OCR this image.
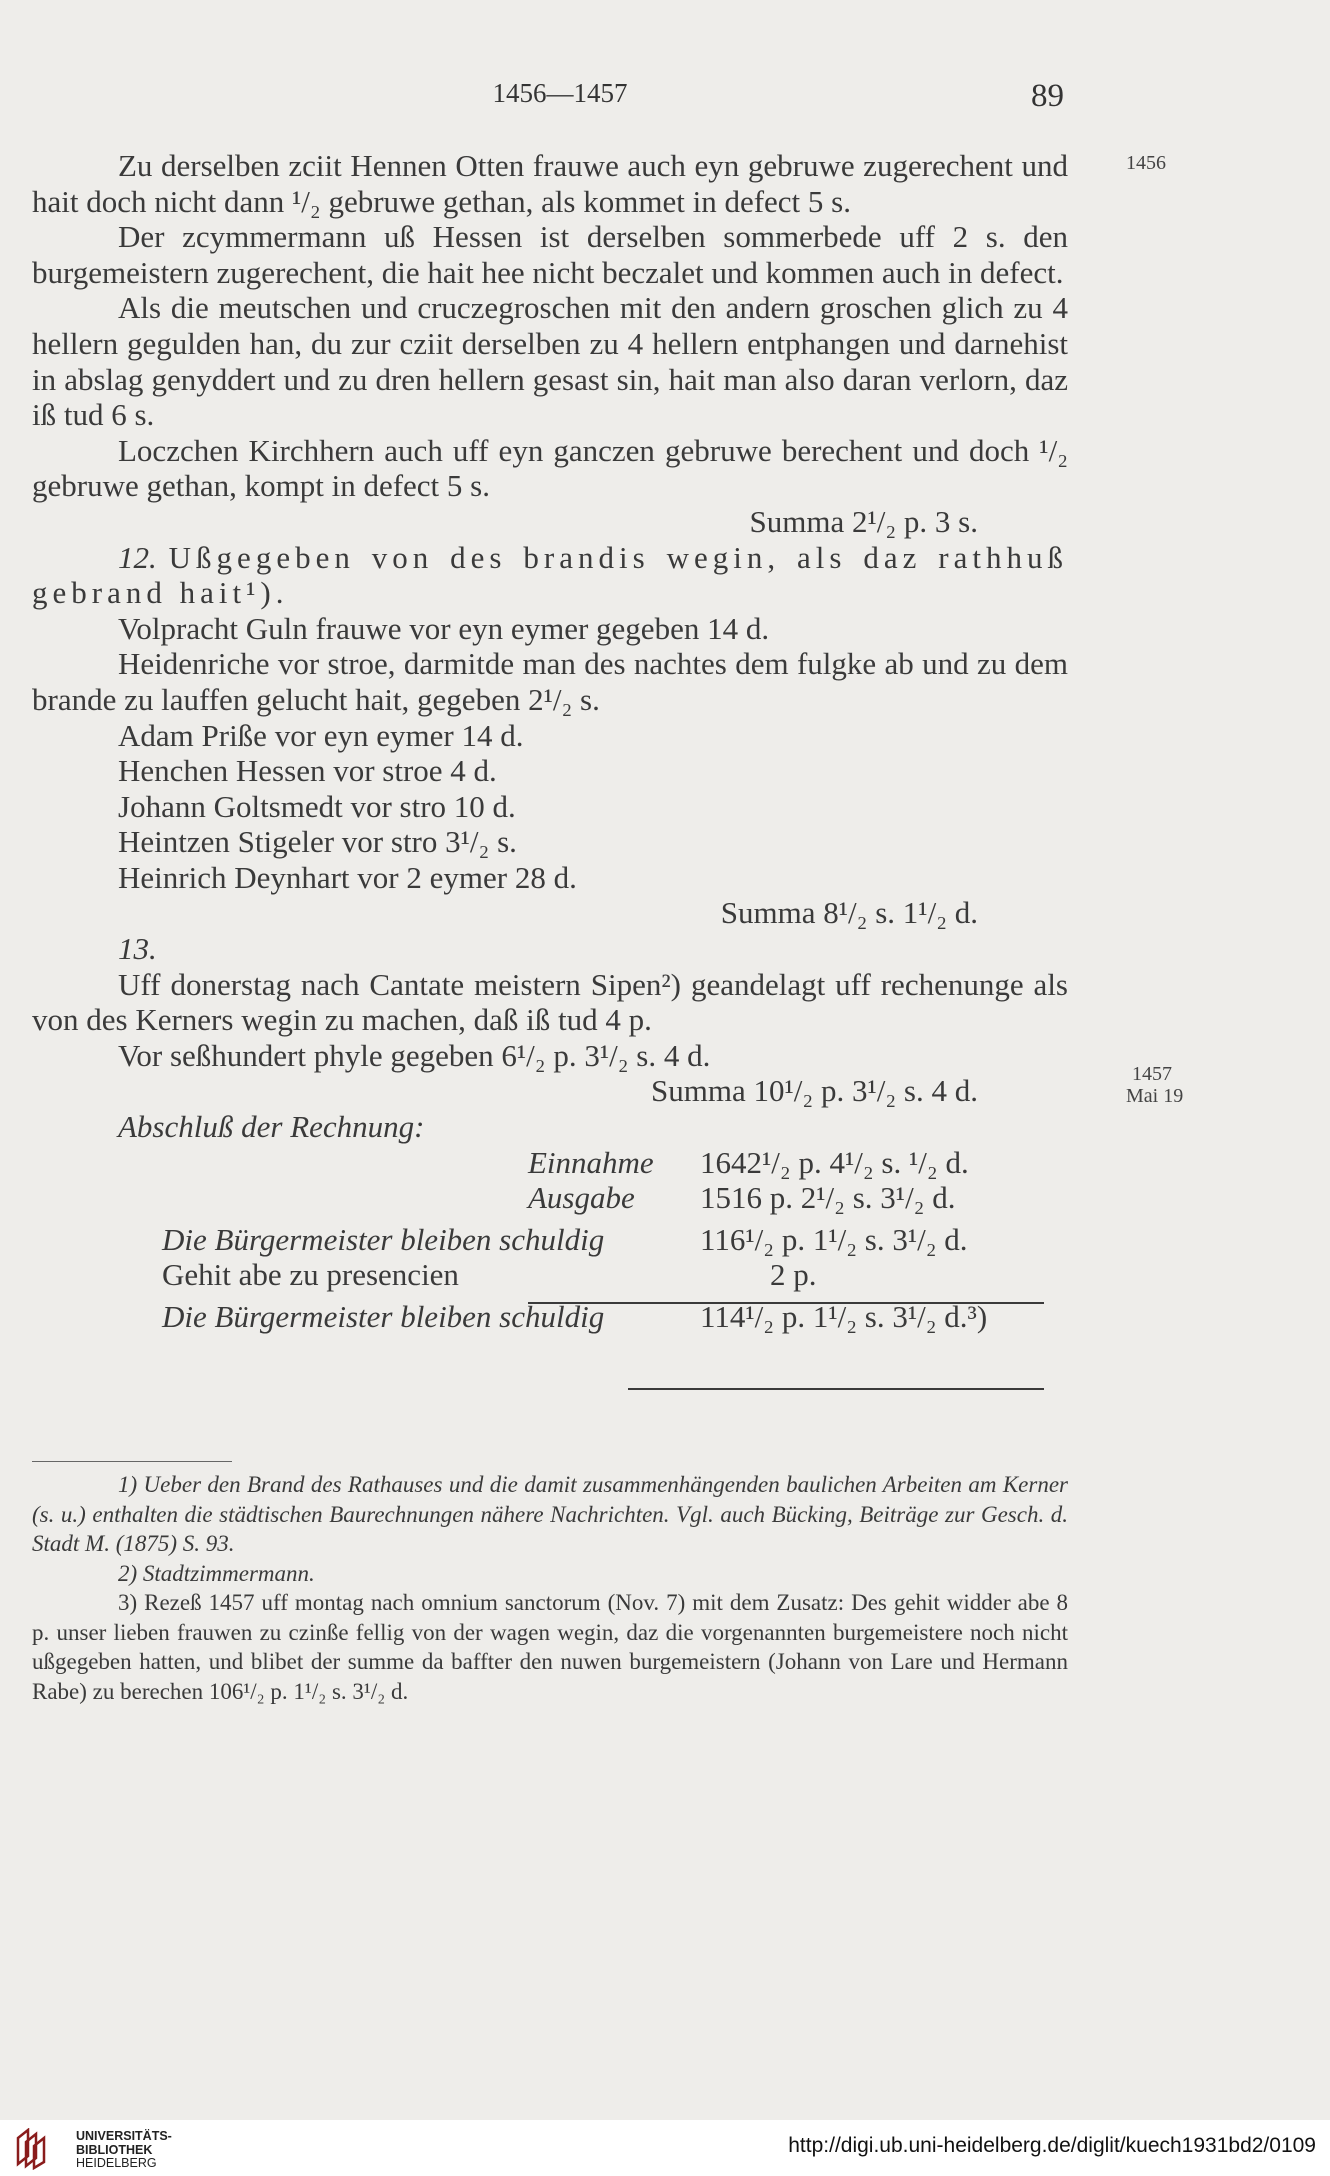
1456—1457	89
1456
1457
Mai 19

Zu derselben zciit Hennen Otten frauwe auch eyn gebruwe zugerechent und hait doch nicht dann ¹/₂ gebruwe gethan, als kommet in defect 5 s.

Der zcymmermann uß Hessen ist derselben sommerbede uff 2 s. den burgemeistern zugerechent, die hait hee nicht beczalet und kommen auch in defect.

Als die meutschen und cruczegroschen mit den andern groschen glich zu 4 hellern gegulden han, du zur cziit derselben zu 4 hellern entphangen und darnehist in abslag genyddert und zu dren hellern gesast sin, hait man also daran verlorn, daz iß tud 6 s.

Loczchen Kirchhern auch uff eyn ganczen gebruwe berechent und doch ¹/₂ gebruwe gethan, kompt in defect 5 s.

Summa 2¹/₂ p. 3 s.

12. Ußgegeben von des brandis wegin, als daz rathhuß gebrand hait¹).

Volpracht Guln frauwe vor eyn eymer gegeben 14 d.

Heidenriche vor stroe, darmitde man des nachtes dem fulgke ab und zu dem brande zu lauffen gelucht hait, gegeben 2¹/₂ s.

Adam Priße vor eyn eymer 14 d.
Henchen Hessen vor stroe 4 d.
Johann Goltsmedt vor stro 10 d.
Heintzen Stigeler vor stro 3¹/₂ s.
Heinrich Deynhart vor 2 eymer 28 d.
Summa 8¹/₂ s. 1¹/₂ d.
13.

Uff donerstag nach Cantate meistern Sipen²) geandelagt uff rechenunge als von des Kerners wegin zu machen, daß iß tud 4 p.

Vor seßhundert phyle gegeben 6¹/₂ p. 3¹/₂ s. 4 d.
Summa 10¹/₂ p. 3¹/₂ s. 4 d.
Abschluß der Rechnung:
Einnahme	1642¹/₂ p. 4¹/₂ s. ¹/₂ d.
Ausgabe	1516 p. 2¹/₂ s. 3¹/₂ d.
Die Bürgermeister bleiben schuldig	116¹/₂ p. 1¹/₂ s. 3¹/₂ d.
Gehit abe zu presencien	2 p.
Die Bürgermeister bleiben schuldig	114¹/₂ p. 1¹/₂ s. 3¹/₂ d.³)

1) Ueber den Brand des Rathauses und die damit zusammenhängenden baulichen Arbeiten am Kerner (s. u.) enthalten die städtischen Baurechnungen nähere Nachrichten. Vgl. auch Bücking, Beiträge zur Gesch. d. Stadt M. (1875) S. 93.

2) Stadtzimmermann.

3) Rezeß 1457 uff montag nach omnium sanctorum (Nov. 7) mit dem Zusatz: Des gehit widder abe 8 p. unser lieben frauwen zu czinße fellig von der wagen wegin, daz die vorgenannten burgemeistere noch nicht ußgegeben hatten, und blibet der summe da baffter den nuwen burgemeistern (Johann von Lare und Hermann Rabe) zu berechen 106¹/₂ p. 1¹/₂ s. 3¹/₂ d.

UNIVERSITÄTS-
BIBLIOTHEK
HEIDELBERG
http://digi.ub.uni-heidelberg.de/diglit/kuech1931bd2/0109
